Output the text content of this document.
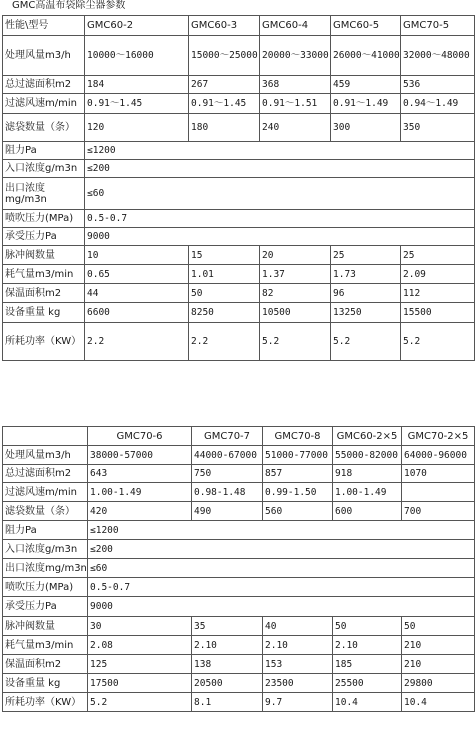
GMC高温布袋除尘器参数
性能\型号	GMC60-2	GMC60-3	GMC60-4	GMC60-5	GMC70-5
处理风量m3/h	10000～16000	15000～25000	20000～33000	26000～41000	32000～48000
总过滤面积m2	184	267	368	459	536
过滤风速m/min	0.91～1.45	0.91～1.45	0.91～1.51	0.91～1.49	0.94～1.49
滤袋数量（条）	120	180	240	300	350
阻力Pa	≤1200				
入口浓度g/m3n	≤200				
出口浓度mg/m3n	≤60				
喷吹压力(MPa)	0.5-0.7				
承受压力Pa	9000				
脉冲阀数量	10	15	20	25	25
耗气量m3/min	0.65	1.01	1.37	1.73	2.09
保温面积m2	44	50	82	96	112
设备重量 kg	6600	8250	10500	13250	15500
所耗功率（KW）	2.2	2.2	5.2	5.2	5.2
	GMC70-6	GMC70-7	GMC70-8	GMC60-2×5	GMC70-2×5
处理风量m3/h	38000-57000	44000-67000	51000-77000	55000-82000	64000-96000
总过滤面积m2	643	750	857	918	1070
过滤风速m/min	1.00-1.49	0.98-1.48	0.99-1.50	1.00-1.49	
滤袋数量（条）	420	490	560	600	700
阻力Pa	≤1200				
入口浓度g/m3n	≤200				
出口浓度mg/m3n	≤60				
喷吹压力(MPa)	0.5-0.7				
承受压力Pa	9000				
脉冲阀数量	30	35	40	50	50
耗气量m3/min	2.08	2.10	2.10	2.10	210
保温面积m2	125	138	153	185	210
设备重量 kg	17500	20500	23500	25500	29800
所耗功率（KW）	5.2	8.1	9.7	10.4	10.4
